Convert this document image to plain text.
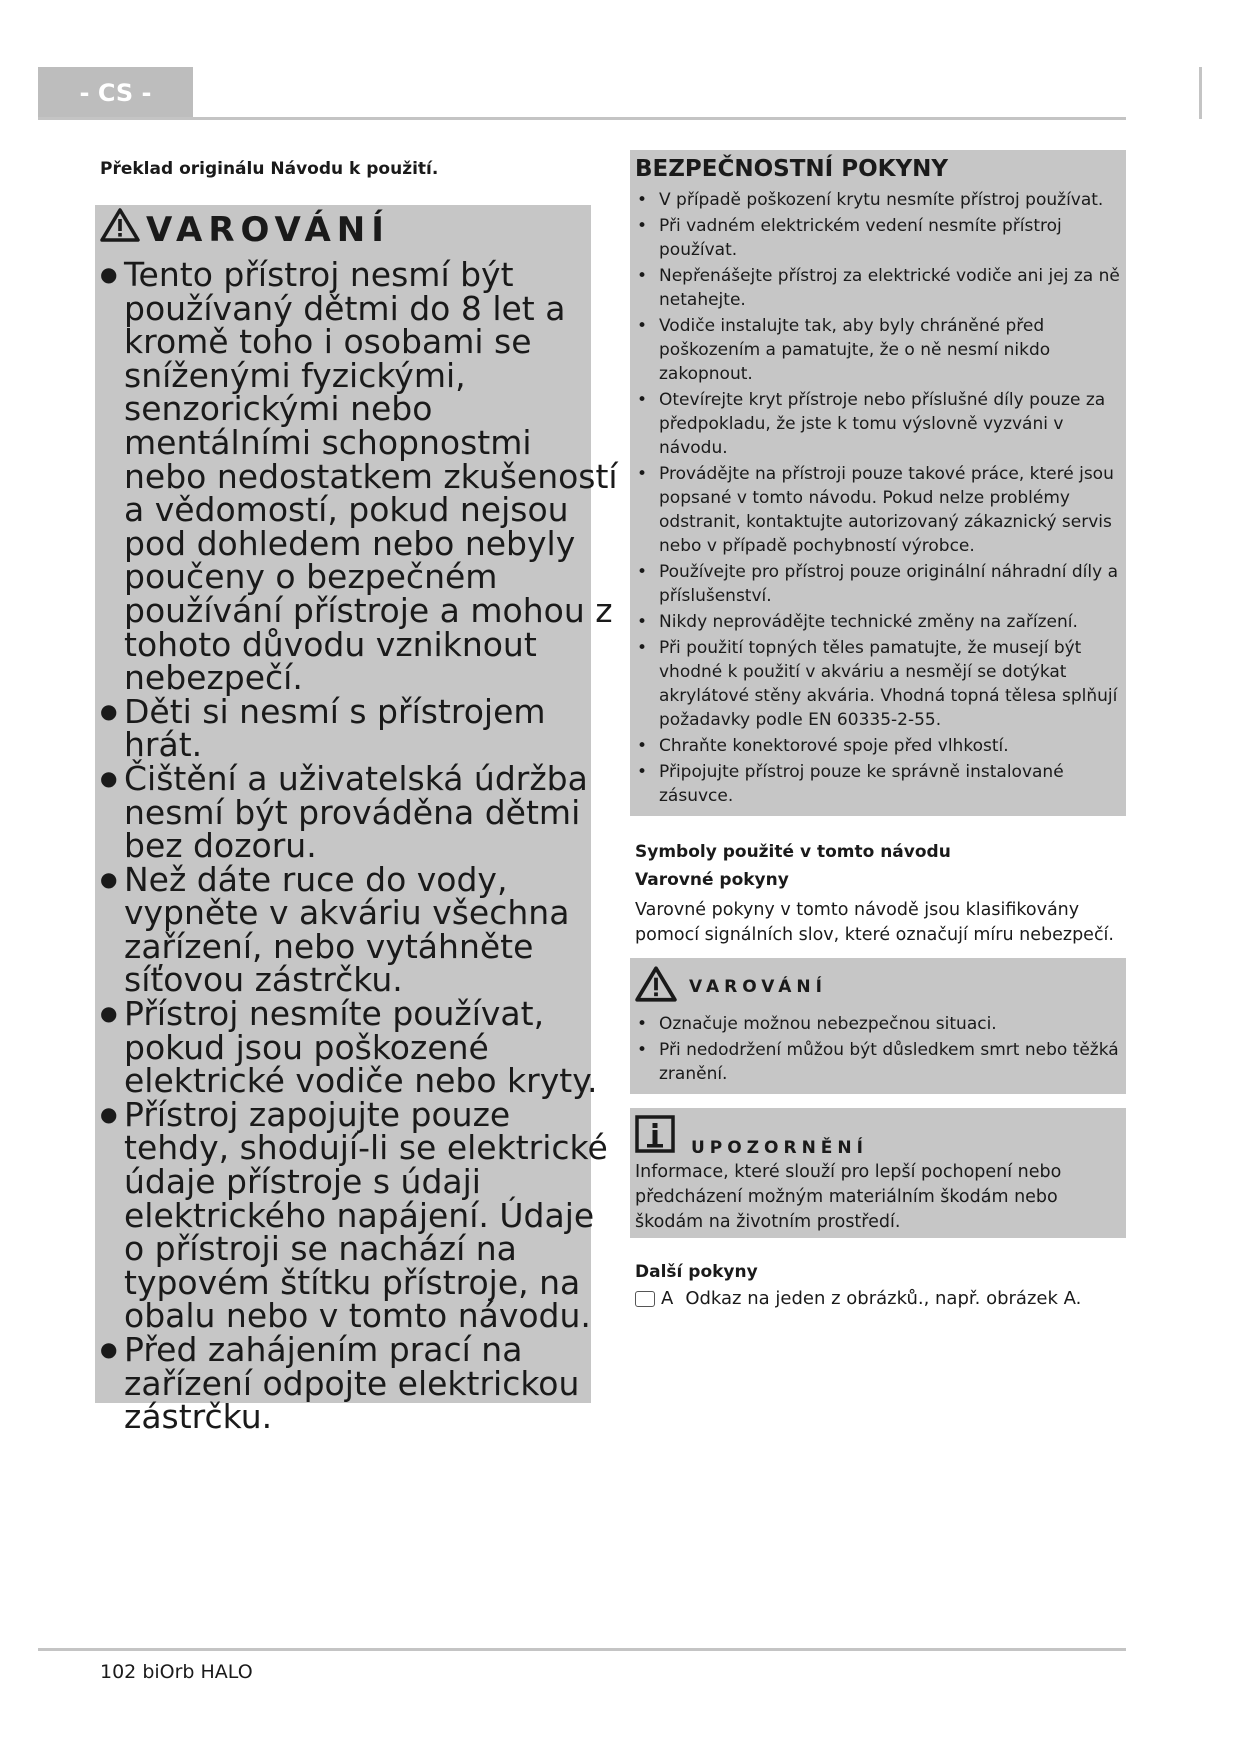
- CS -
Překlad originálu Návodu k použití.
VAROVÁNÍ
● Tento přístroj nesmí být používaný dětmi do 8 let a kromě toho i osobami se sníženými fyzickými, senzorickými nebo mentálními schopnostmi nebo nedostatkem zkušeností a vědomostí, pokud nejsou pod dohledem nebo nebyly poučeny o bezpečném používání přístroje a mohou z tohoto důvodu vzniknout nebezpečí.
● Děti si nesmí s přístrojem hrát.
● Čištění a uživatelská údržba nesmí být prováděna dětmi bez dozoru.
● Než dáte ruce do vody, vypněte v akváriu všechna zařízení, nebo vytáhněte síťovou zástrčku.
● Přístroj nesmíte používat, pokud jsou poškozené elektrické vodiče nebo kryty.
● Přístroj zapojujte pouze tehdy, shodují-li se elektrické údaje přístroje s údaji elektrického napájení. Údaje o přístroji se nachází na typovém štítku přístroje, na obalu nebo v tomto návodu.
● Před zahájením prací na zařízení odpojte elektrickou zástrčku.
BEZPEČNOSTNÍ POKYNY
• V případě poškození krytu nesmíte přístroj používat.
• Při vadném elektrickém vedení nesmíte přístroj používat.
• Nepřenášejte přístroj za elektrické vodiče ani jej za ně netahejte.
• Vodiče instalujte tak, aby byly chráněné před poškozením a pamatujte, že o ně nesmí nikdo zakopnout.
• Otevírejte kryt přístroje nebo příslušné díly pouze za předpokladu, že jste k tomu výslovně vyzváni v návodu.
• Provádějte na přístroji pouze takové práce, které jsou popsané v tomto návodu. Pokud nelze problémy odstranit, kontaktujte autorizovaný zákaznický servis nebo v případě pochybností výrobce.
• Používejte pro přístroj pouze originální náhradní díly a příslušenství.
• Nikdy neprovádějte technické změny na zařízení.
• Při použití topných těles pamatujte, že musejí být vhodné k použití v akváriu a nesmějí se dotýkat akrylátové stěny akvária. Vhodná topná tělesa splňují požadavky podle EN 60335-2-55.
• Chraňte konektorové spoje před vlhkostí.
• Připojujte přístroj pouze ke správně instalované zásuvce.
Symboly použité v tomto návodu
Varovné pokyny
Varovné pokyny v tomto návodě jsou klasifikovány pomocí signálních slov, které označují míru nebezpečí.
VAROVÁNÍ
• Označuje možnou nebezpečnou situaci.
• Při nedodržení můžou být důsledkem smrt nebo těžká zranění.
UPOZORNĚNÍ
Informace, které slouží pro lepší pochopení nebo předcházení možným materiálním škodám nebo škodám na životním prostředí.
Další pokyny
A Odkaz na jeden z obrázků., např. obrázek A.
102 biOrb HALO
